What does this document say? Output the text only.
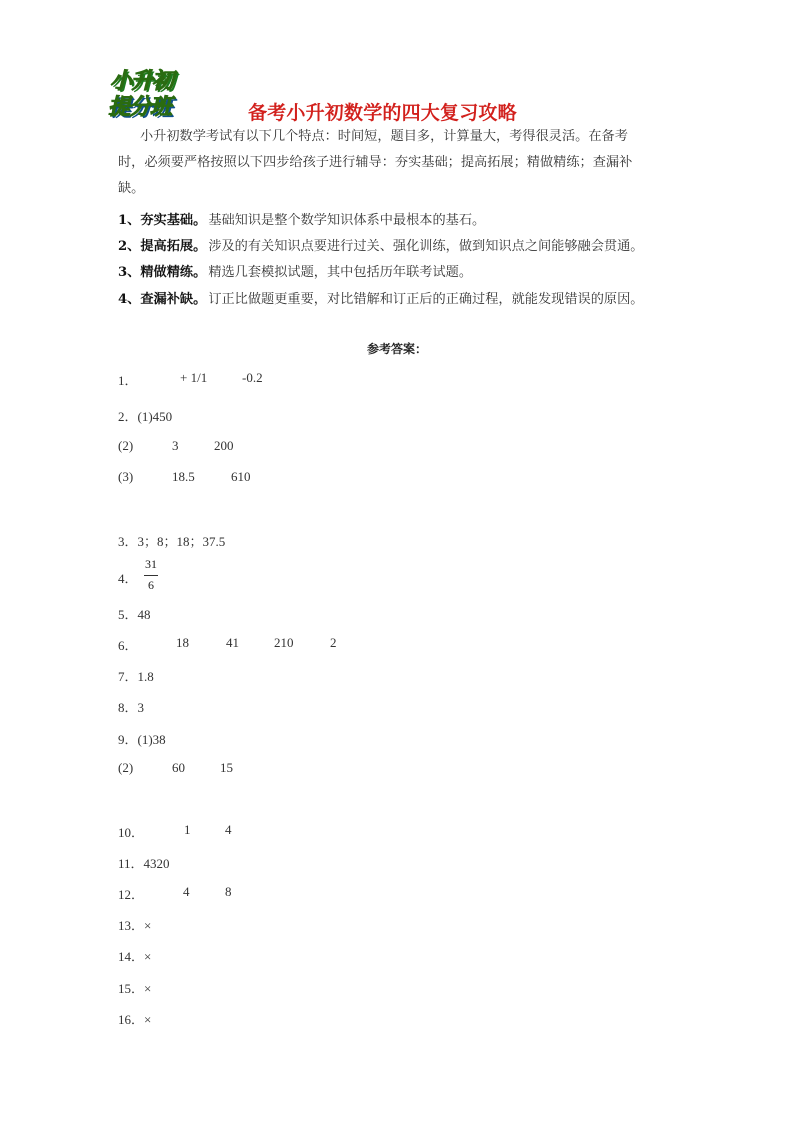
小升初
提分班	备考小升初数学的四大复习攻略
小升初数学考试有以下几个特点：时间短，题目多，计算量大，考得很灵活。在备考
时，必须要严格按照以下四步给孩子进行辅导：夯实基础；提高拓展；精做精练；查漏补
缺。
1、夯实基础。 基础知识是整个数学知识体系中最根本的基石。
2、提高拓展。 涉及的有关知识点要进行过关、强化训练，做到知识点之间能够融会贯通。
3、精做精练。 精选几套模拟试题，其中包括历年联考试题。
4、查漏补缺。 订正比做题更重要，对比错解和订正后的正确过程，就能发现错误的原因。
参考答案：
1．	+ 1/1	-0.2
2．(1)450
(2)	3	200
(3)	18.5	610
3．3；8；18；37.5
4．
31
6
5．48
6．	18	41	210	2
7．1.8
8．3
9．(1)38
(2)	60	15
10．	1	4
11．4320
12．	4	8
13．×
14．×
15．×
16．×
